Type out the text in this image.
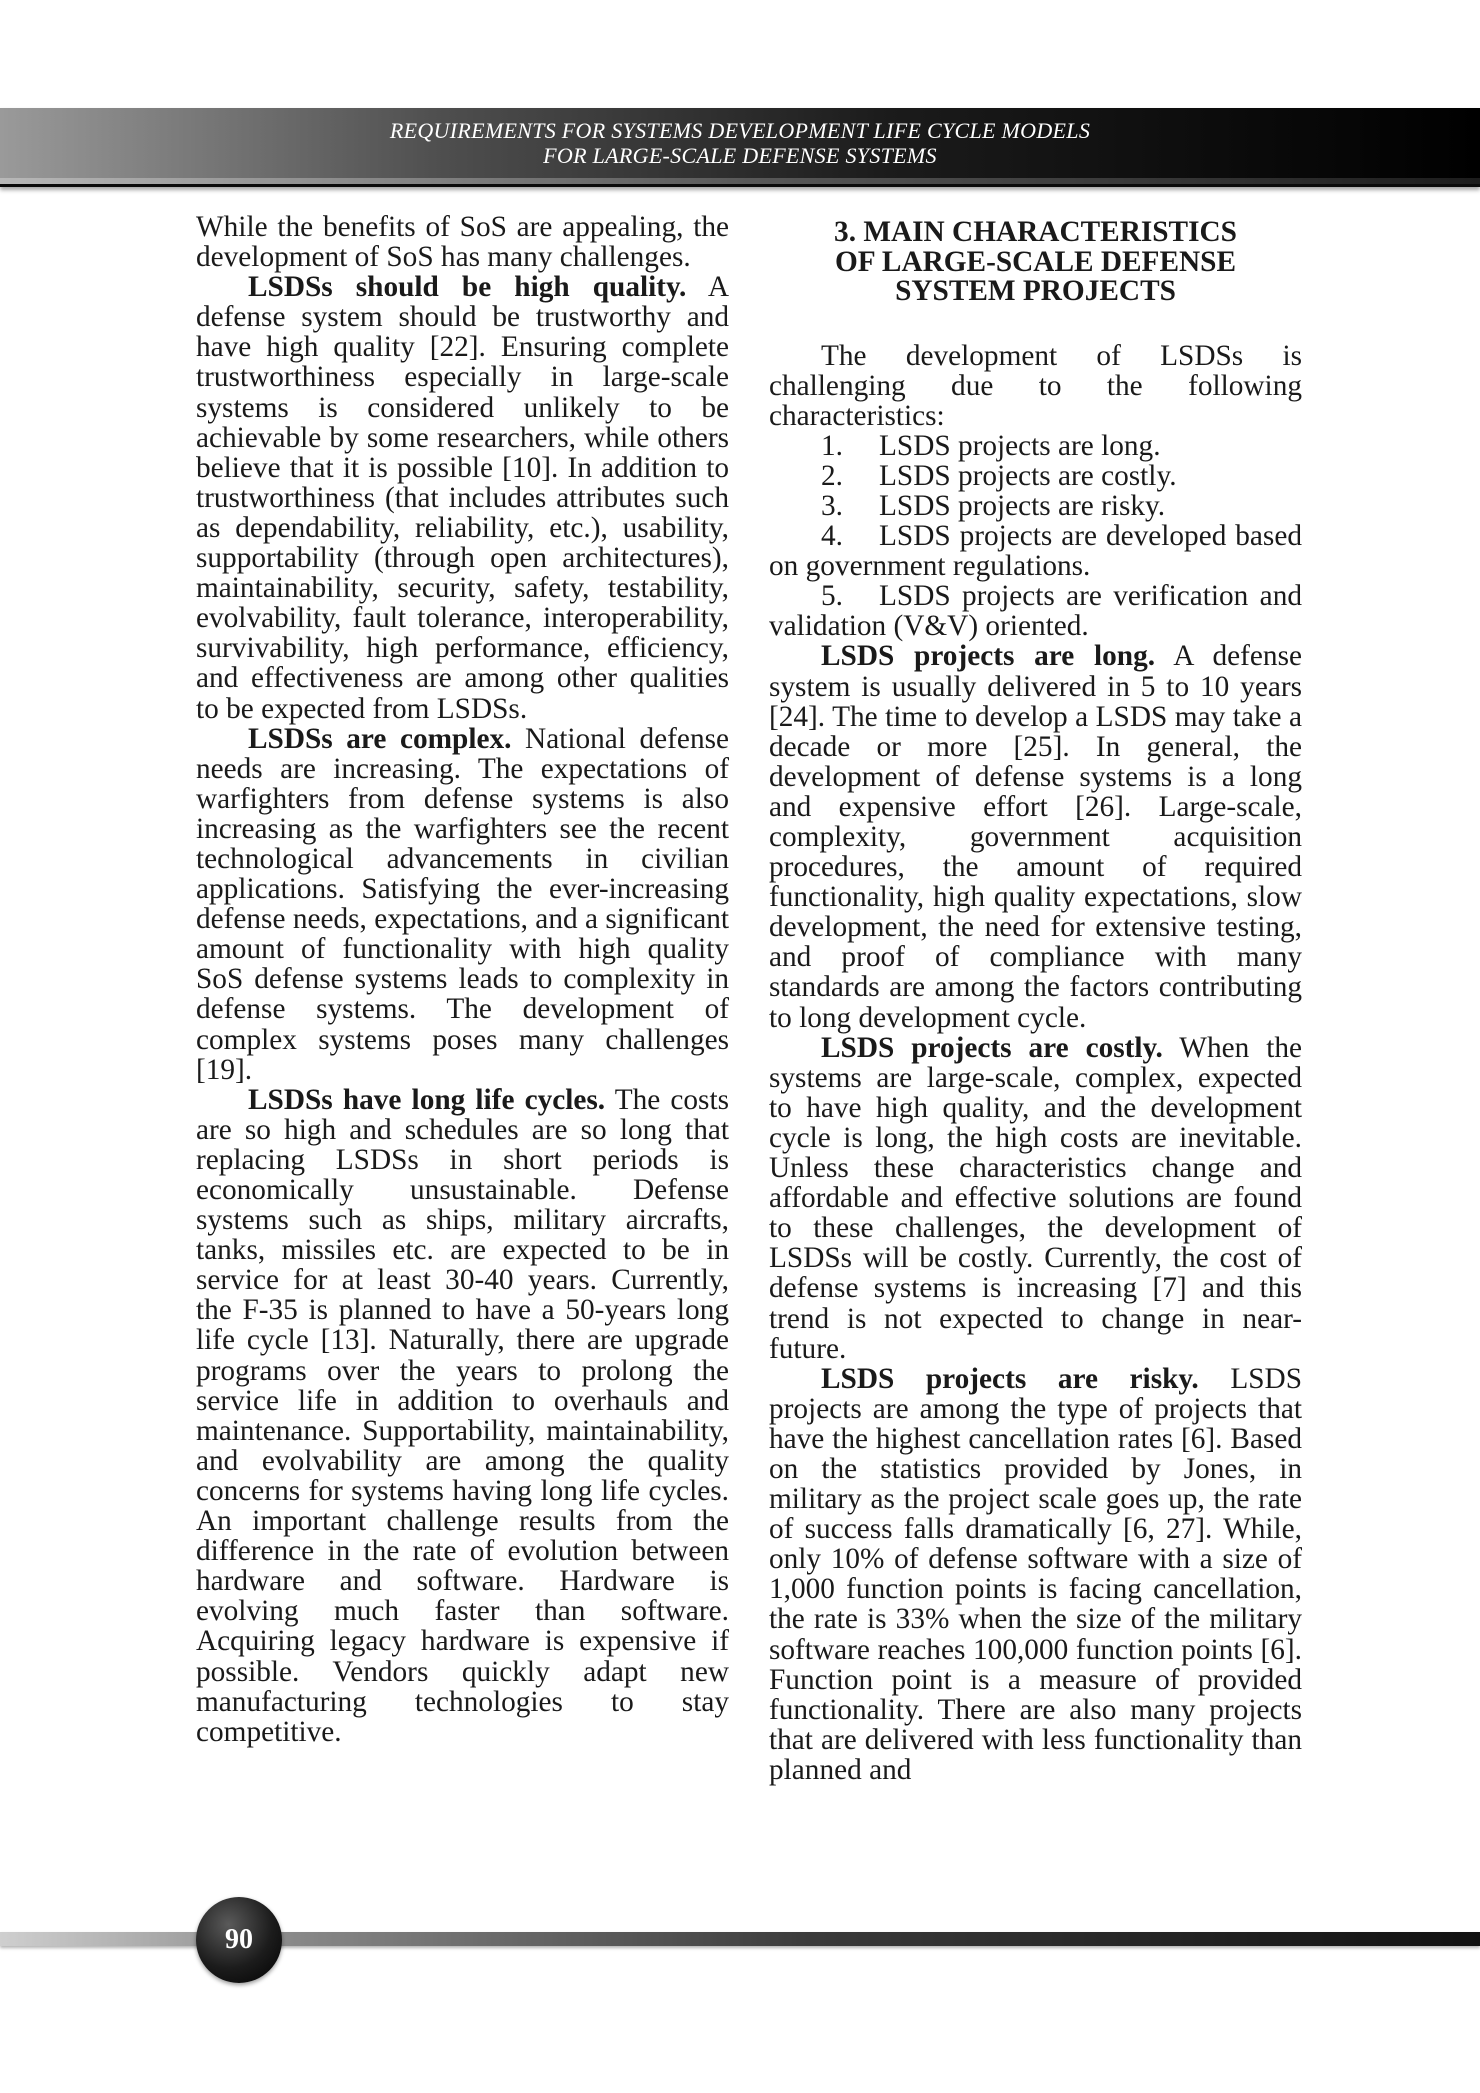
REQUIREMENTS FOR SYSTEMS DEVELOPMENT LIFE CYCLE MODELS
FOR LARGE-SCALE DEFENSE SYSTEMS

While the benefits of SoS are appealing, the development of SoS has many challenges.

LSDSs should be high quality. A defense system should be trustworthy and have high quality [22]. Ensuring complete trustworthiness especially in large-scale systems is considered unlikely to be achievable by some researchers, while others believe that it is possible [10]. In addition to trustworthiness (that includes attributes such as dependability, reliability, etc.), usability, supportability (through open architectures), maintainability, security, safety, testability, evolvability, fault tolerance, interoperability, survivability, high performance, efficiency, and effectiveness are among other qualities to be expected from LSDSs.

LSDSs are complex. National defense needs are increasing. The expectations of warfighters from defense systems is also increasing as the warfighters see the recent technological advancements in civilian applications. Satisfying the ever-increasing defense needs, expectations, and a significant amount of functionality with high quality SoS defense systems leads to complexity in defense systems. The development of complex systems poses many challenges [19].

LSDSs have long life cycles. The costs are so high and schedules are so long that replacing LSDSs in short periods is economically unsustainable. Defense systems such as ships, military aircrafts, tanks, missiles etc. are expected to be in service for at least 30-40 years. Currently, the F-35 is planned to have a 50-years long life cycle [13]. Naturally, there are upgrade programs over the years to prolong the service life in addition to overhauls and maintenance. Supportability, maintainability, and evolvability are among the quality concerns for systems having long life cycles. An important challenge results from the difference in the rate of evolution between hardware and software. Hardware is evolving much faster than software. Acquiring legacy hardware is expensive if possible. Vendors quickly adapt new manufacturing technologies to stay competitive.

3. MAIN CHARACTERISTICS
OF LARGE-SCALE DEFENSE
SYSTEM PROJECTS

The development of LSDSs is challenging due to the following characteristics:

1. LSDS projects are long.

2. LSDS projects are costly.

3. LSDS projects are risky.

4. LSDS projects are developed based on government regulations.

5. LSDS projects are verification and validation (V&V) oriented.

LSDS projects are long. A defense system is usually delivered in 5 to 10 years [24]. The time to develop a LSDS may take a decade or more [25]. In general, the development of defense systems is a long and expensive effort [26]. Large-scale, complexity, government acquisition procedures, the amount of required functionality, high quality expectations, slow development, the need for extensive testing, and proof of compliance with many standards are among the factors contributing to long development cycle.

LSDS projects are costly. When the systems are large-scale, complex, expected to have high quality, and the development cycle is long, the high costs are inevitable. Unless these characteristics change and affordable and effective solutions are found to these challenges, the development of LSDSs will be costly. Currently, the cost of defense systems is increasing [7] and this trend is not expected to change in near-future.

LSDS projects are risky. LSDS projects are among the type of projects that have the highest cancellation rates [6]. Based on the statistics provided by Jones, in military as the project scale goes up, the rate of success falls dramatically [6, 27]. While, only 10% of defense software with a size of 1,000 function points is facing cancellation, the rate is 33% when the size of the military software reaches 100,000 function points [6]. Function point is a measure of provided functionality. There are also many projects that are delivered with less functionality than planned and

90
